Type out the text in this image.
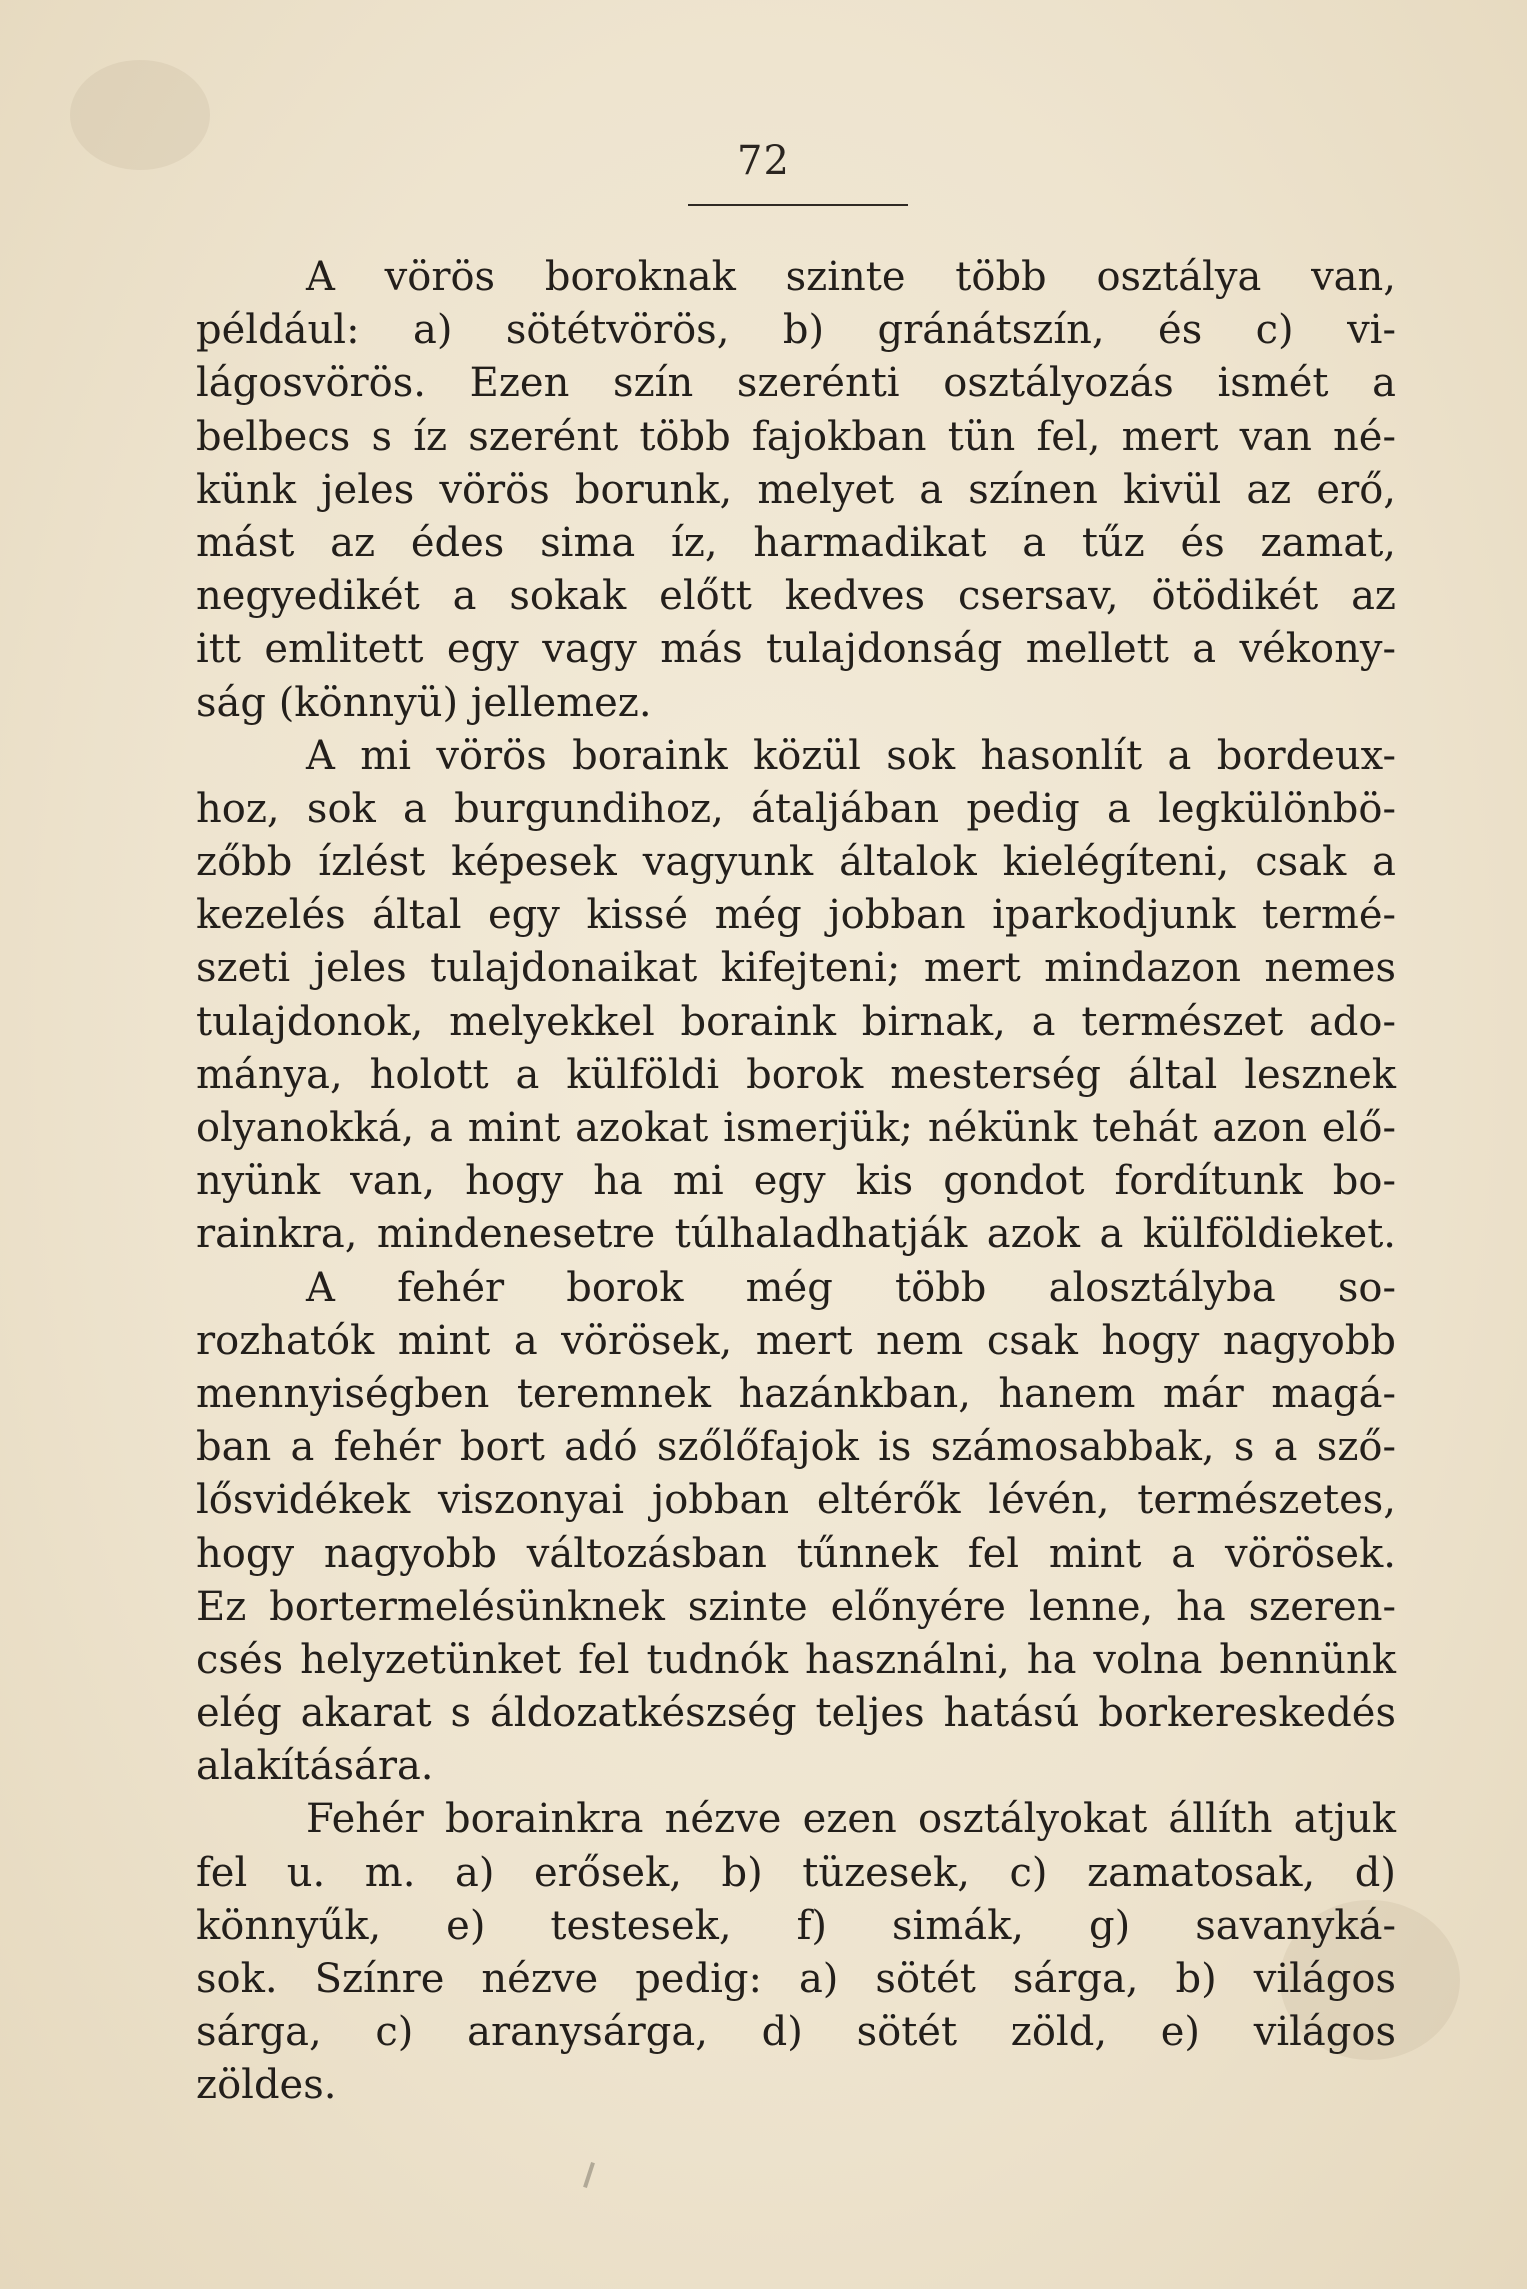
72
A vörös boroknak szinte több osztálya van,
például: a) sötétvörös, b) gránátszín, és c) vi-
lágosvörös. Ezen szín szerénti osztályozás ismét a
belbecs s íz szerént több fajokban tün fel, mert van né-
künk jeles vörös borunk, melyet a színen kivül az erő,
mást az édes sima íz, harmadikat a tűz és zamat,
negyedikét a sokak előtt kedves csersav, ötödikét az
itt emlitett egy vagy más tulajdonság mellett a vékony-
ság (könnyü) jellemez.
A mi vörös boraink közül sok hasonlít a bordeux-
hoz, sok a burgundihoz, átaljában pedig a legkülönbö-
zőbb ízlést képesek vagyunk általok kielégíteni, csak a
kezelés által egy kissé még jobban iparkodjunk termé-
szeti jeles tulajdonaikat kifejteni; mert mindazon nemes
tulajdonok, melyekkel boraink birnak, a természet ado-
mánya, holott a külföldi borok mesterség által lesznek
olyanokká, a mint azokat ismerjük; nékünk tehát azon elő-
nyünk van, hogy ha mi egy kis gondot fordítunk bo-
rainkra, mindenesetre túlhaladhatják azok a külföldieket.
A fehér borok még több alosztályba so-
rozhatók mint a vörösek, mert nem csak hogy nagyobb
mennyiségben teremnek hazánkban, hanem már magá-
ban a fehér bort adó szőlőfajok is számosabbak, s a sző-
lősvidékek viszonyai jobban eltérők lévén, természetes,
hogy nagyobb változásban tűnnek fel mint a vörösek.
Ez bortermelésünknek szinte előnyére lenne, ha szeren-
csés helyzetünket fel tudnók használni, ha volna bennünk
elég akarat s áldozatkészség teljes hatású borkereskedés
alakítására.
Fehér borainkra nézve ezen osztályokat állíth atjuk
fel u. m. a) erősek, b) tüzesek, c) zamatosak, d)
könnyűk, e) testesek, f) simák, g) savanyká-
sok. Színre nézve pedig: a) sötét sárga, b) világos
sárga, c) aranysárga, d) sötét zöld, e) világos
zöldes.
